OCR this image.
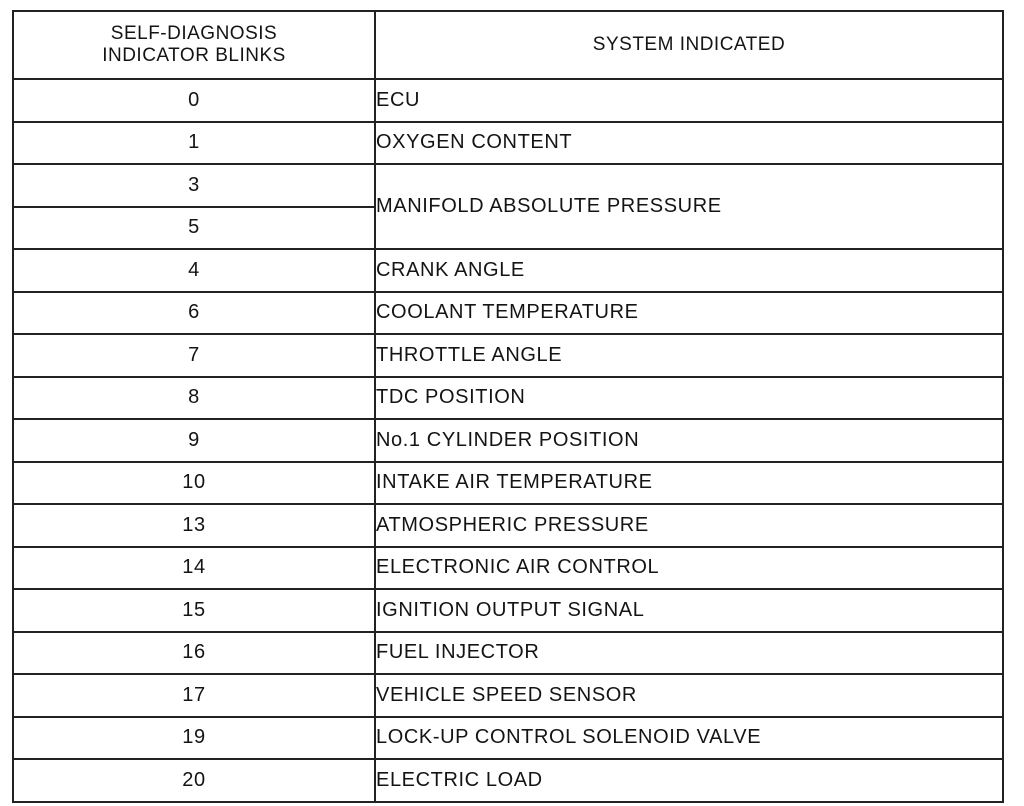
SELF-DIAGNOSIS
INDICATOR BLINKS	SYSTEM INDICATED
0	ECU
1	OXYGEN CONTENT
3	MANIFOLD ABSOLUTE PRESSURE
5	
4	CRANK ANGLE
6	COOLANT TEMPERATURE
7	THROTTLE ANGLE
8	TDC POSITION
9	No.1 CYLINDER POSITION
10	INTAKE AIR TEMPERATURE
13	ATMOSPHERIC PRESSURE
14	ELECTRONIC AIR CONTROL
15	IGNITION OUTPUT SIGNAL
16	FUEL INJECTOR
17	VEHICLE SPEED SENSOR
19	LOCK-UP CONTROL SOLENOID VALVE
20	ELECTRIC LOAD
